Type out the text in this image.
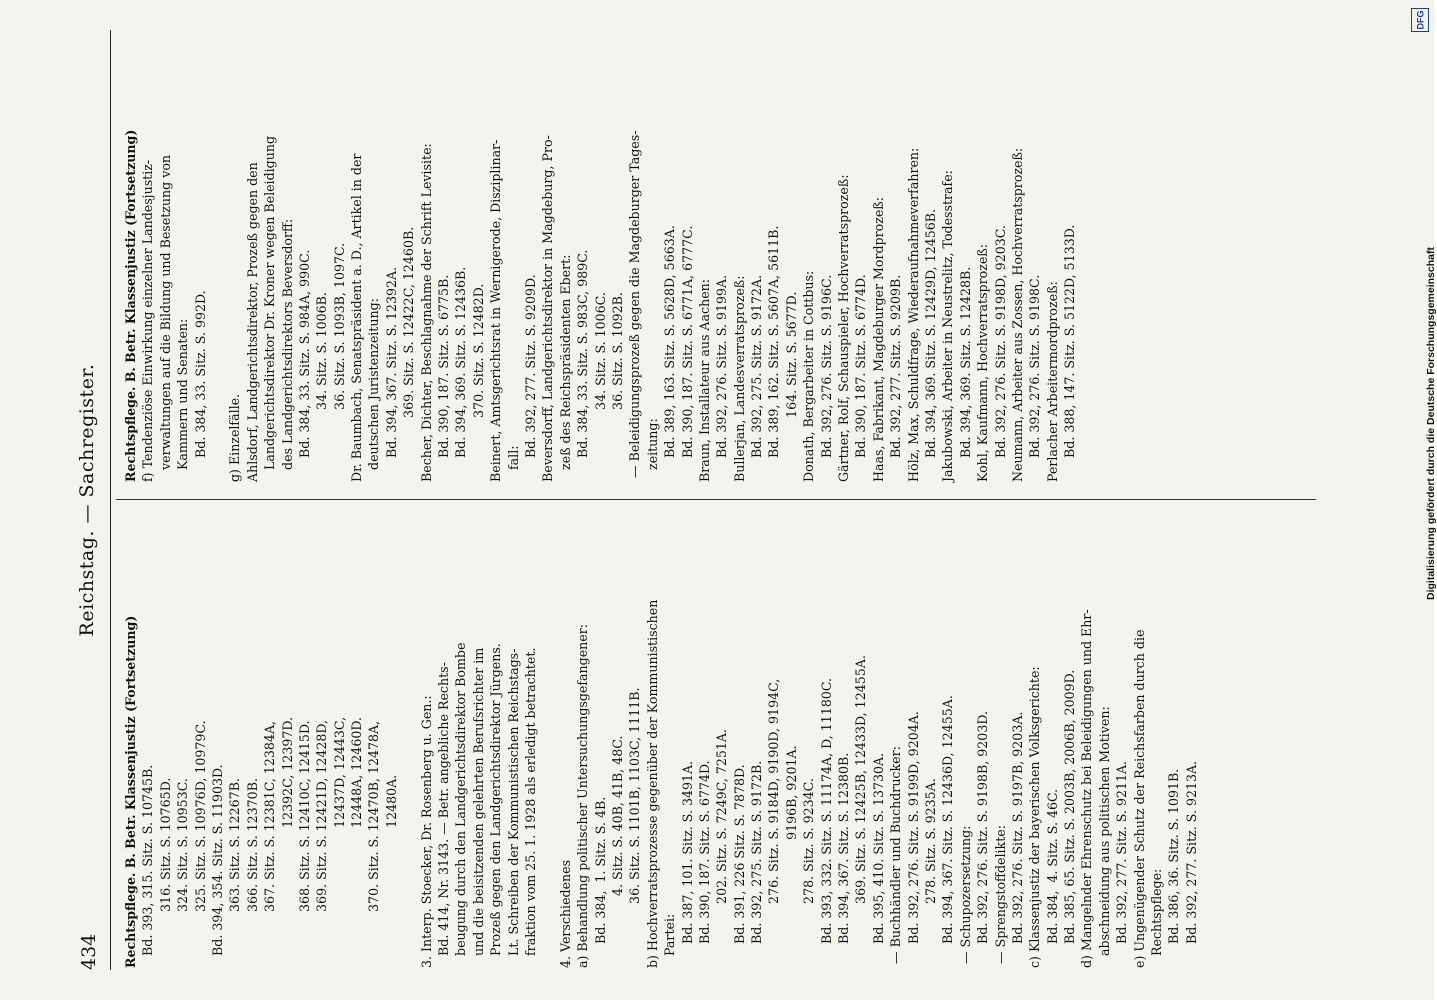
434
Reichstag. — Sachregister.
Rechtspflege. B. Betr. Klassenjustiz (Fortsetzung) Bd. 393, 315. Sitz. S. 10745B. 316. Sitz. S. 10765D. 324. Sitz. S. 10953C. 325. Sitz. S. 10976D, 10979C. Bd. 394, 354. Sitz. S. 11903D. 363. Sitz. S. 12267B. 366. Sitz. S. 12370B. 367. Sitz. S. 12381C, 12384A, 12392C, 12397D. 368. Sitz. S. 12410C, 12415D. 369. Sitz. S. 12421D, 12428D, 12437D, 12443C, 12448A, 12460D. 370. Sitz. S. 12470B, 12478A, 12480A. 3. Interp. Stoecker, Dr. Rosenberg u. Gen.: Bd. 414, Nr. 3143. — Betr. angebliche Rechts- beugung durch den Landgerichtsdirektor Bombe und die beisitzenden gelehrten Berufsrichter im Prozeß gegen den Landgerichtsdirektor Jürgens. Lt. Schreiben der Kommunistischen Reichstags- fraktion vom 25. 1. 1928 als erledigt betrachtet. 4. Verschiedenes a) Behandlung politischer Untersuchungsgefangener: Bd. 384,  1. Sitz. S. 4B. 4. Sitz. S. 40B, 41B, 48C. 36. Sitz. S. 1101B, 1103C, 1111B. b) Hochverratsprozesse gegenüber der Kommunistischen Partei: Bd. 387, 101. Sitz. S. 3491A. Bd. 390, 187. Sitz. S. 6774D. 202. Sitz. S. 7249C, 7251A. Bd. 391, 226 Sitz. S. 7878D. Bd. 392, 275. Sitz. S. 9172B. 276. Sitz. S. 9184D, 9190D, 9194C, 9196B, 9201A. 278. Sitz. S. 9234C. Bd. 393, 332. Sitz. S. 11174A, D, 11180C. Bd. 394, 367. Sitz. S. 12380B. 369. Sitz. S. 12425B, 12433D, 12455A. Bd. 395, 410. Sitz. S. 13730A. — Buchhändler und Buchdrucker: Bd. 392, 276. Sitz. S. 9199D, 9204A. 278. Sitz. S. 9235A. Bd. 394, 367. Sitz. S. 12436D, 12455A. — Schupozersetzung: Bd. 392, 276. Sitz. S. 9198B, 9203D. — Sprengstoffdelikte: Bd. 392, 276. Sitz. S. 9197B, 9203A. c) Klassenjustiz der bayerischen Volksgerichte: Bd. 384,  4. Sitz. S. 46C. Bd. 385, 65. Sitz. S. 2003B, 2006B, 2009D. d) Mangelnder Ehrenschutz bei Beleidigungen und Ehr- abschneidung aus politischen Motiven: Bd. 392, 277. Sitz. S. 9211A. e) Ungenügender Schutz der Reichsfarben durch die Rechtspflege: Bd. 386, 36. Sitz. S. 1091B. Bd. 392, 277. Sitz. S. 9213A.
Rechtspflege. B. Betr. Klassenjustiz (Fortsetzung) f) Tendenziöse Einwirkung einzelner Landesjustiz- verwaltungen auf die Bildung und Besetzung von Kammern und Senaten: Bd. 384, 33. Sitz. S. 992D. g) Einzelfälle. Ahlsdorf, Landgerichtsdirektor, Prozeß gegen den Landgerichtsdirektor Dr. Kroner wegen Beleidigung des Landgerichtsdirektors Beversdorff: Bd. 384, 33. Sitz. S. 984A, 990C. 34. Sitz. S. 1006B. 36. Sitz. S. 1093B, 1097C. Dr. Baumbach, Senatspräsident a. D., Artikel in der deutschen Juristenzeitung: Bd. 394, 367. Sitz. S. 12392A. 369. Sitz. S. 12422C, 12460B. Becher, Dichter, Beschlagnahme der Schrift Levisite: Bd. 390, 187. Sitz. S. 6775B. Bd. 394, 369. Sitz. S. 12436B. 370. Sitz. S. 12482D. Beinert, Amtsgerichtsrat in Wernigerode, Disziplinar- fall: Bd. 392, 277. Sitz. S. 9209D. Beversdorff, Landgerichtsdirektor in Magdeburg, Pro- zeß des Reichspräsidenten Ebert: Bd. 384, 33. Sitz. S. 983C, 989C. 34. Sitz. S. 1006C. 36. Sitz. S. 1092B. — Beleidigungsprozeß gegen die Magdeburger Tages- zeitung: Bd. 389, 163. Sitz. S. 5628D, 5663A. Bd. 390, 187. Sitz. S. 6771A, 6777C. Braun, Installateur aus Aachen: Bd. 392, 276. Sitz. S. 9199A. Bullerjan, Landesverratsprozeß: Bd. 392, 275. Sitz. S. 9172A. Bd. 389, 162. Sitz. S. 5607A, 5611B. 164. Sitz. S. 5677D. Donath, Bergarbeiter in Cottbus: Bd. 392, 276. Sitz. S. 9196C. Gärtner, Rolf, Schauspieler, Hochverratsprozeß: Bd. 390, 187. Sitz. S. 6774D. Haas, Fabrikant, Magdeburger Mordprozeß: Bd. 392, 277. Sitz. S. 9209B. Hölz, Max, Schuldfrage, Wiederaufnahmeverfahren: Bd. 394, 369. Sitz. S. 12429D, 12456B. Jakubowski, Arbeiter in Neustrelitz, Todesstrafe: Bd. 394, 369. Sitz. S. 12428B. Kohl, Kaufmann, Hochverratsprozeß: Bd. 392, 276. Sitz. S. 9198D, 9203C. Neumann, Arbeiter aus Zossen, Hochverratsprozeß: Bd. 392, 276. Sitz. S. 9198C. Perlacher Arbeitermordprozeß: Bd. 388, 147. Sitz. S. 5122D, 5133D.	Digitalisierung gefördert durch die Deutsche Forschungsgemeinschaft
DFG
